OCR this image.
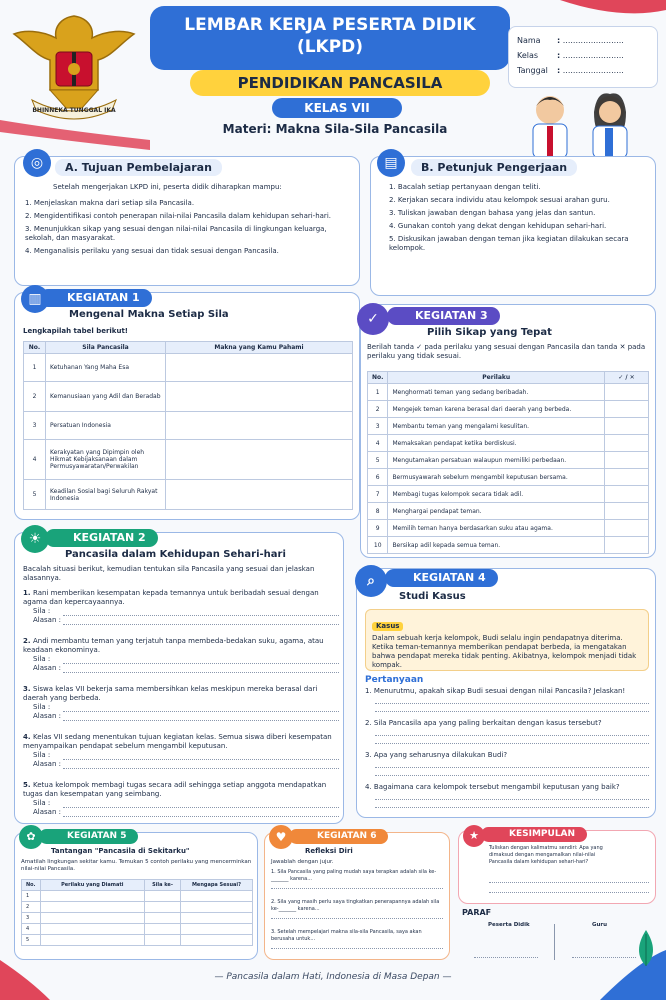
BHINNEKA TUNGGAL IKA
LEMBAR KERJA PESERTA DIDIK
(LKPD)
PENDIDIKAN PANCASILA
KELAS VII
Materi: Makna Sila-Sila Pancasila
Nama : ........................
Kelas : ........................
Tanggal : ........................
◎	A. Tujuan Pembelajaran
Setelah mengerjakan LKPD ini, peserta didik diharapkan mampu:
1. Menjelaskan makna dari setiap sila Pancasila.
2. Mengidentifikasi contoh penerapan nilai-nilai Pancasila dalam kehidupan sehari-hari.
3. Menunjukkan sikap yang sesuai dengan nilai-nilai Pancasila di lingkungan keluarga, sekolah, dan masyarakat.
4. Menganalisis perilaku yang sesuai dan tidak sesuai dengan Pancasila.
▤	B. Petunjuk Pengerjaan
1. Bacalah setiap pertanyaan dengan teliti.
2. Kerjakan secara individu atau kelompok sesuai arahan guru.
3. Tuliskan jawaban dengan bahasa yang jelas dan santun.
4. Gunakan contoh yang dekat dengan kehidupan sehari-hari.
5. Diskusikan jawaban dengan teman jika kegiatan dilakukan secara kelompok.
KEGIATAN 1
▥
Mengenal Makna Setiap Sila
Lengkapilah tabel berikut!
No.	Sila Pancasila	Makna yang Kamu Pahami
1	Ketuhanan Yang Maha Esa	
2	Kemanusiaan yang Adil dan Beradab	
3	Persatuan Indonesia	
4	Kerakyatan yang Dipimpin oleh Hikmat Kebijaksanaan dalam Permusyawaratan/Perwakilan	
5	Keadilan Sosial bagi Seluruh Rakyat Indonesia	
✓	KEGIATAN 3
Pilih Sikap yang Tepat
Berilah tanda ✓ pada perilaku yang sesuai dengan Pancasila dan tanda ✕ pada perilaku yang tidak sesuai.
No.	Perilaku	✓ / ✕
1	Menghormati teman yang sedang beribadah.	
2	Mengejek teman karena berasal dari daerah yang berbeda.	
3	Membantu teman yang mengalami kesulitan.	
4	Memaksakan pendapat ketika berdiskusi.	
5	Mengutamakan persatuan walaupun memiliki perbedaan.	
6	Bermusyawarah sebelum mengambil keputusan bersama.	
7	Membagi tugas kelompok secara tidak adil.	
8	Menghargai pendapat teman.	
9	Memilih teman hanya berdasarkan suku atau agama.	
10	Bersikap adil kepada semua teman.	
☀	KEGIATAN 2
Pancasila dalam Kehidupan Sehari-hari
Bacalah situasi berikut, kemudian tentukan sila Pancasila yang sesuai dan jelaskan alasannya.
1. Rani memberikan kesempatan kepada temannya untuk beribadah sesuai dengan agama dan kepercayaannya.
Sila :
Alasan :
2. Andi membantu teman yang terjatuh tanpa membeda-bedakan suku, agama, atau keadaan ekonominya.
Sila :
Alasan :
3. Siswa kelas VII bekerja sama membersihkan kelas meskipun mereka berasal dari daerah yang berbeda.
Sila :
Alasan :
4. Kelas VII sedang menentukan tujuan kegiatan kelas. Semua siswa diberi kesempatan menyampaikan pendapat sebelum mengambil keputusan.
Sila :
Alasan :
5. Ketua kelompok membagi tugas secara adil sehingga setiap anggota mendapatkan tugas dan kesempatan yang seimbang.
Sila :
Alasan :
⌕	KEGIATAN 4
Studi Kasus
Kasus
Dalam sebuah kerja kelompok, Budi selalu ingin pendapatnya diterima. Ketika teman-temannya memberikan pendapat berbeda, ia mengatakan bahwa pendapat mereka tidak penting. Akibatnya, kelompok menjadi tidak kompak.
Pertanyaan
1. Menurutmu, apakah sikap Budi sesuai dengan nilai Pancasila? Jelaskan!
2. Sila Pancasila apa yang paling berkaitan dengan kasus tersebut?
3. Apa yang seharusnya dilakukan Budi?
4. Bagaimana cara kelompok tersebut mengambil keputusan yang baik?
✿	KEGIATAN 5
Tantangan "Pancasila di Sekitarku"
Amatilah lingkungan sekitar kamu. Temukan 5 contoh perilaku yang mencerminkan nilai-nilai Pancasila.
No.	Perilaku yang Diamati	Sila ke-	Mengapa Sesuai?
1			
2			
3			
4			
5			
♥	KEGIATAN 6
Refleksi Diri
Jawablah dengan jujur.
1. Sila Pancasila yang paling mudah saya terapkan adalah sila ke-_______ karena...
2. Sila yang masih perlu saya tingkatkan penerapannya adalah sila ke-_______ karena...
3. Setelah mempelajari makna sila-sila Pancasila, saya akan berusaha untuk...
★	KESIMPULAN
Tuliskan dengan kalimatmu sendiri: Apa yang dimaksud dengan mengamalkan nilai-nilai Pancasila dalam kehidupan sehari-hari?
PARAF
Peserta Didik	Guru
— Pancasila dalam Hati, Indonesia di Masa Depan —
